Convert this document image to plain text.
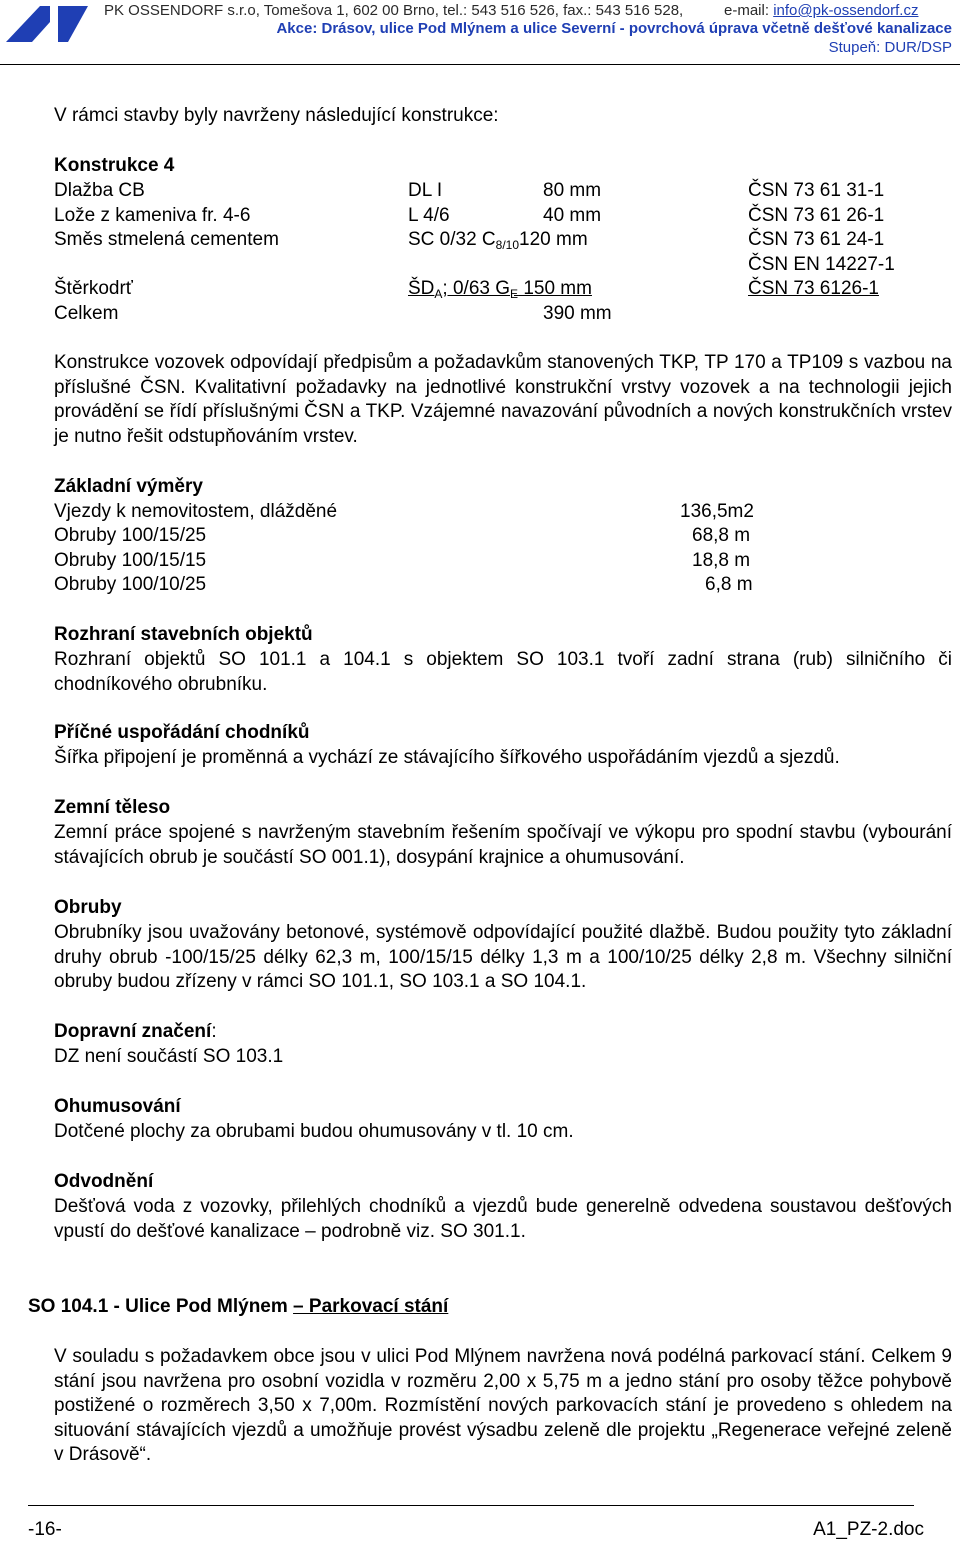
PK OSSENDORF s.r.o, Tomešova 1, 602 00 Brno, tel.: 543 516 526, fax.: 543 516 528,	e-mail: info@pk-ossendorf.cz
Akce: Drásov, ulice Pod Mlýnem a ulice Severní - povrchová úprava včetně dešťové kanalizace
Stupeň: DUR/DSP
V rámci stavby byly navrženy následující konstrukce:
Konstrukce 4
Dlažba CB	DL I	80 mm	ČSN 73 61 31-1
Lože z kameniva fr. 4-6	L 4/6	40 mm	ČSN 73 61 26-1
Směs stmelená cementem	SC 0/32 $C_{8/10}120$ mm	ČSN 73 61 24-1
ČSN EN 14227-1
Štěrkodrť	$ŠD_A$; 0/63 $G_E$ 150 mm	ČSN 73 6126-1
Celkem	390 mm
Konstrukce vozovek odpovídají předpisům a požadavkům stanovených TKP, TP 170 a TP109 s vazbou na příslušné ČSN. Kvalitativní požadavky na jednotlivé konstrukční vrstvy vozovek a na technologii jejich provádění se řídí příslušnými ČSN a TKP. Vzájemné navazování původních a nových konstrukčních vrstev je nutno řešit odstupňováním vrstev.
Základní výměry
Vjezdy k nemovitostem, dlážděné	136,5m2
Obruby 100/15/25	68,8 m
Obruby 100/15/15	18,8 m
Obruby 100/10/25	6,8 m
Rozhraní stavebních objektů
Rozhraní objektů SO 101.1 a 104.1 s objektem SO 103.1 tvoří zadní strana (rub) silničního či chodníkového obrubníku.
Příčné uspořádání chodníků
Šířka připojení je proměnná a vychází ze stávajícího šířkového uspořádáním vjezdů a sjezdů.
Zemní těleso
Zemní práce spojené s navrženým stavebním řešením spočívají ve výkopu pro spodní stavbu (vybourání stávajících obrub je součástí SO 001.1), dosypání krajnice a ohumusování.
Obruby
Obrubníky jsou uvažovány betonové, systémově odpovídající použité dlažbě. Budou použity tyto základní druhy obrub -100/15/25 délky 62,3 m, 100/15/15 délky 1,3 m a 100/10/25 délky 2,8 m. Všechny silniční obruby budou zřízeny v rámci SO 101.1, SO 103.1 a SO 104.1.
Dopravní značení:
DZ není součástí SO 103.1
Ohumusování
Dotčené plochy za obrubami budou ohumusovány v tl. 10 cm.
Odvodnění
Dešťová voda z vozovky, přilehlých chodníků a vjezdů bude generelně odvedena soustavou dešťových vpustí do dešťové kanalizace – podrobně viz. SO 301.1.
SO 104.1 - Ulice Pod Mlýnem – Parkovací stání
V souladu s požadavkem obce jsou v ulici Pod Mlýnem navržena nová podélná parkovací stání. Celkem 9 stání jsou navržena pro osobní vozidla v rozměru 2,00 x 5,75 m a jedno stání pro osoby těžce pohybově postižené o rozměrech 3,50 x 7,00m. Rozmístění nových parkovacích stání je provedeno s ohledem na situování stávajících vjezdů a umožňuje provést výsadbu zeleně dle projektu „Regenerace veřejné zeleně v Drásově“.
-16-	A1_PZ-2.doc
